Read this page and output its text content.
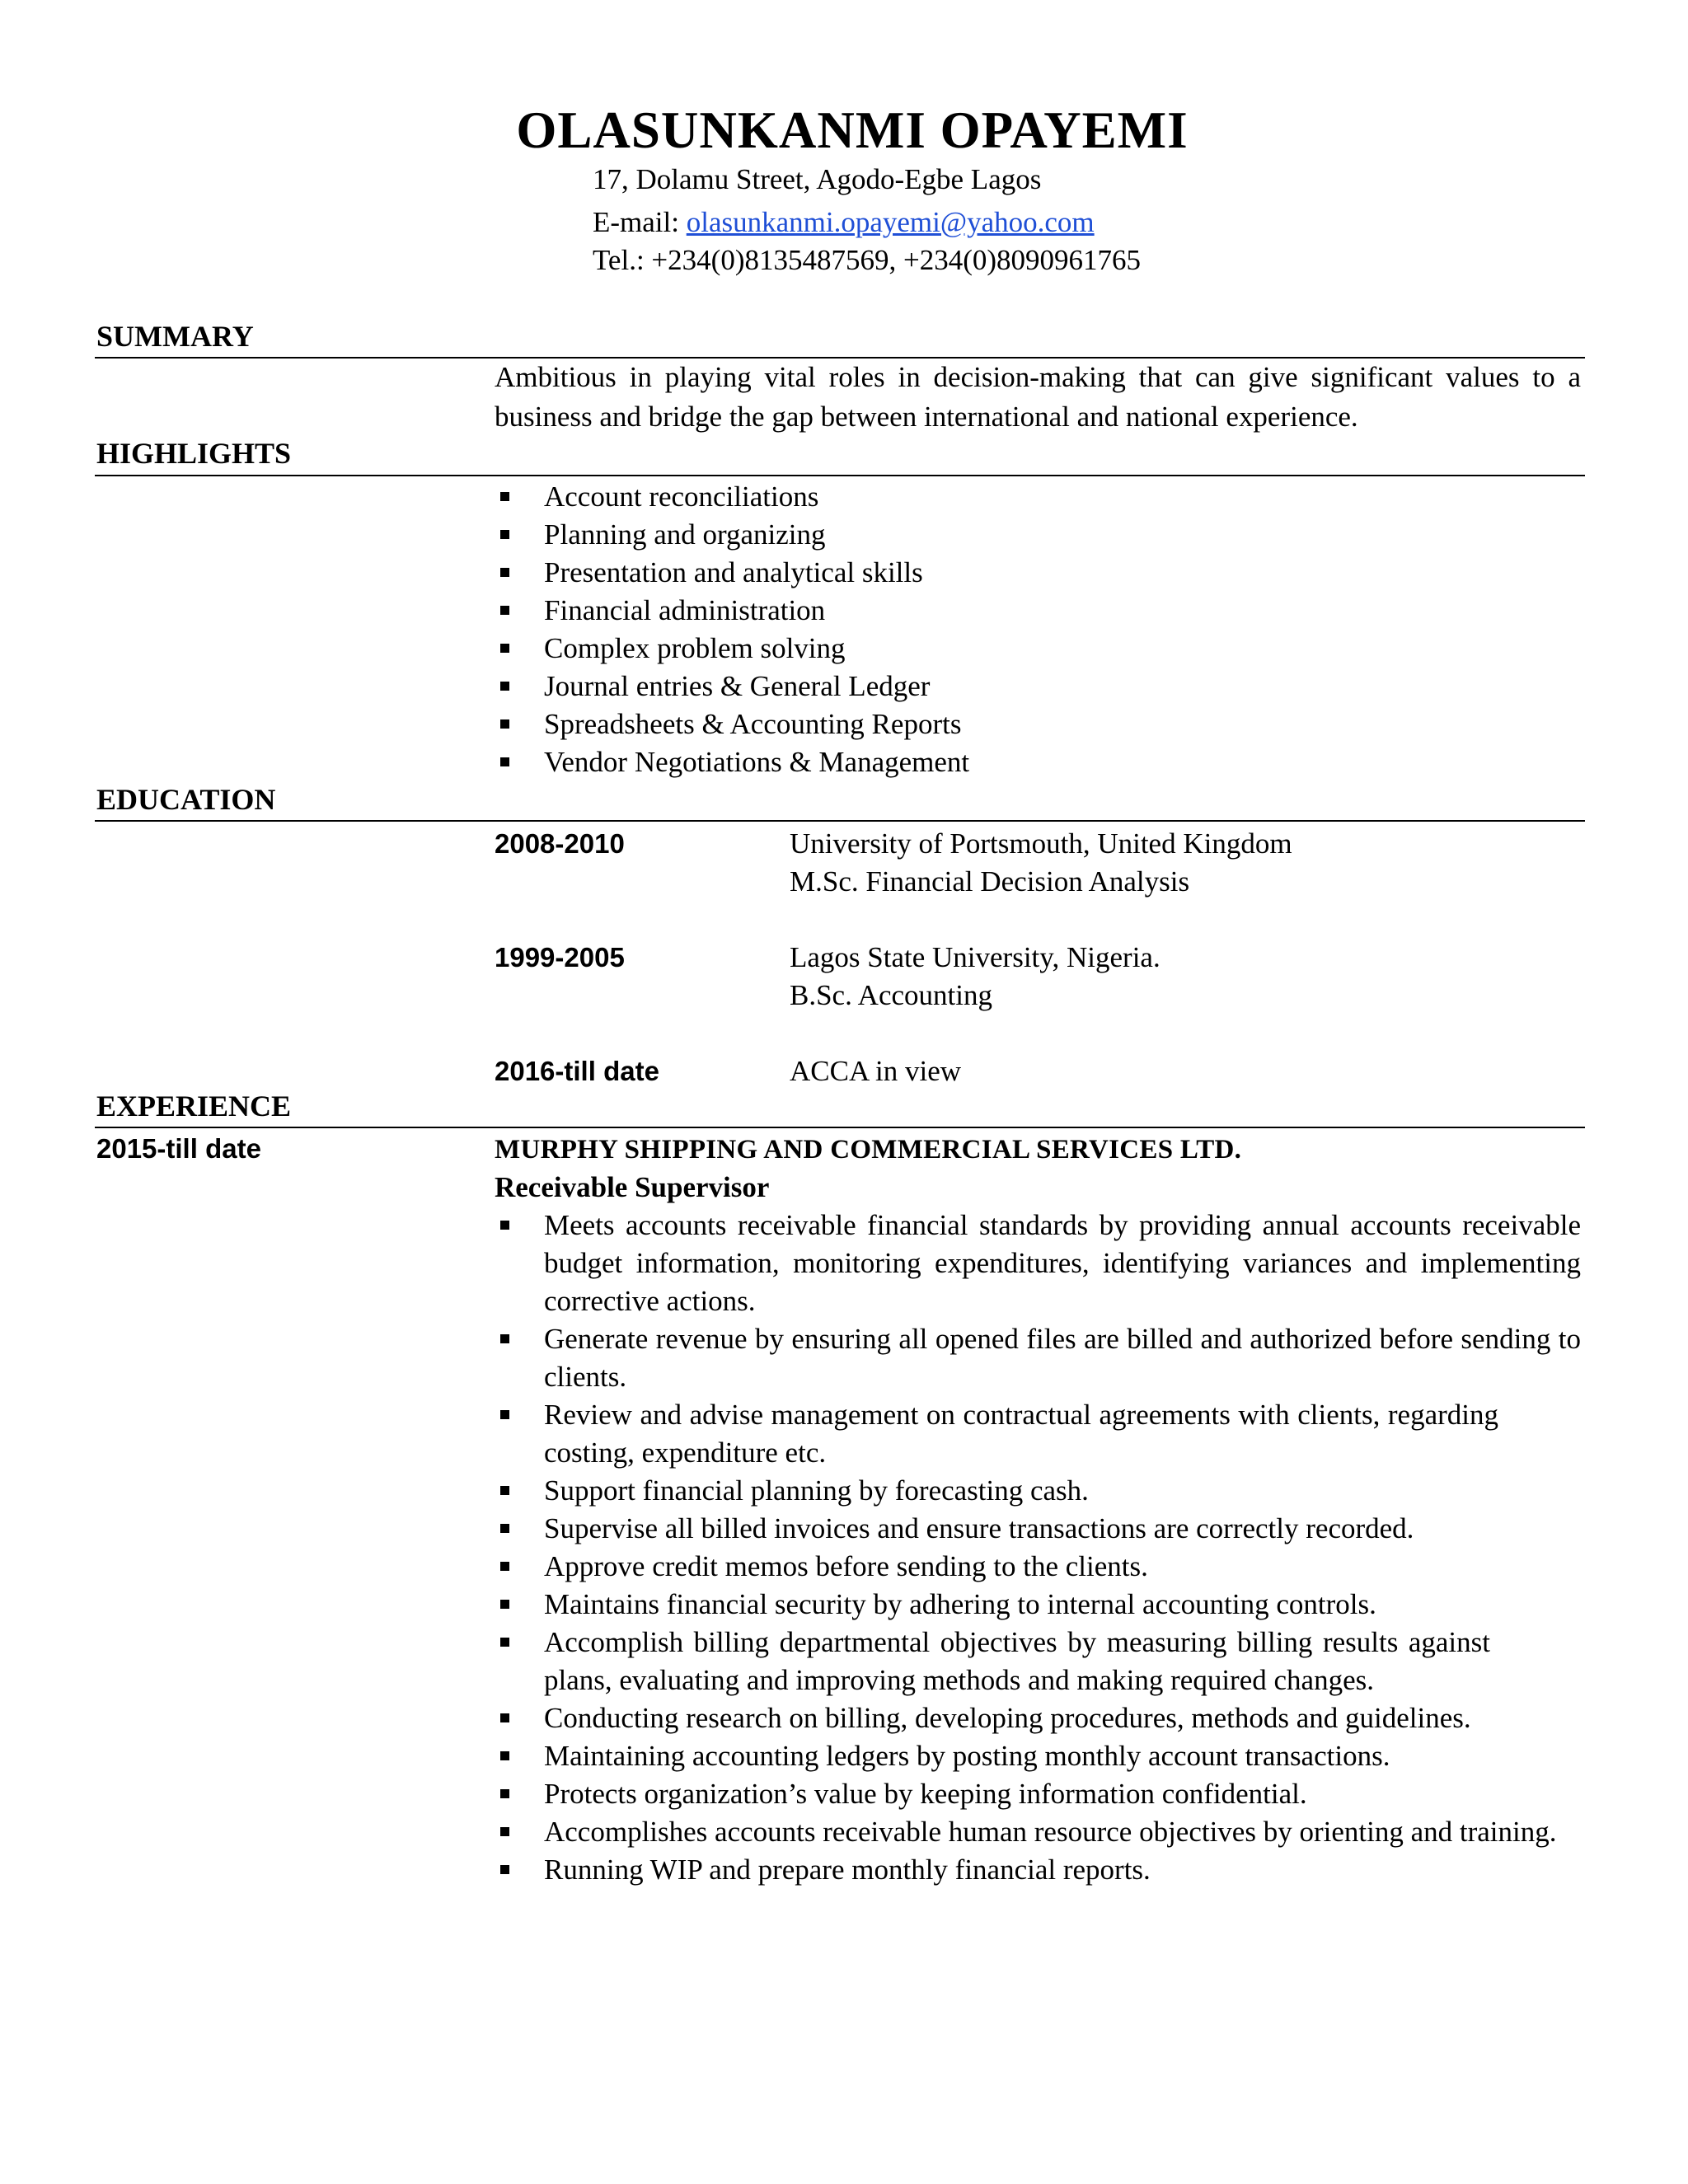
OLASUNKANMI OPAYEMI
17, Dolamu Street, Agodo-Egbe Lagos
E-mail: olasunkanmi.opayemi@yahoo.com
Tel.: +234(0)8135487569, +234(0)8090961765
SUMMARY
Ambitious in playing vital roles in decision-making that can give significant values to a business and bridge the gap between international and national experience.
HIGHLIGHTS
Account reconciliations
Planning and organizing
Presentation and analytical skills
Financial administration
Complex problem solving
Journal entries & General Ledger
Spreadsheets & Accounting Reports
Vendor Negotiations & Management
EDUCATION
2008-2010	University of Portsmouth, United Kingdom
M.Sc. Financial Decision Analysis
1999-2005	Lagos State University, Nigeria.
B.Sc. Accounting
2016-till date	ACCA in view
EXPERIENCE
2015-till date	MURPHY SHIPPING AND COMMERCIAL SERVICES LTD.
Receivable Supervisor
Meets accounts receivable financial standards by providing annual accounts receivable budget information, monitoring expenditures, identifying variances and implementing corrective actions.
Generate revenue by ensuring all opened files are billed and authorized before sending to clients.
Review and advise management on contractual agreements with clients, regarding costing, expenditure etc.
Support financial planning by forecasting cash.
Supervise all billed invoices and ensure transactions are correctly recorded.
Approve credit memos before sending to the clients.
Maintains financial security by adhering to internal accounting controls.
Accomplish billing departmental objectives by measuring billing results against plans, evaluating and improving methods and making required changes.
Conducting research on billing, developing procedures, methods and guidelines.
Maintaining accounting ledgers by posting monthly account transactions.
Protects organization’s value by keeping information confidential.
Accomplishes accounts receivable human resource objectives by orienting and training.
Running WIP and prepare monthly financial reports.
